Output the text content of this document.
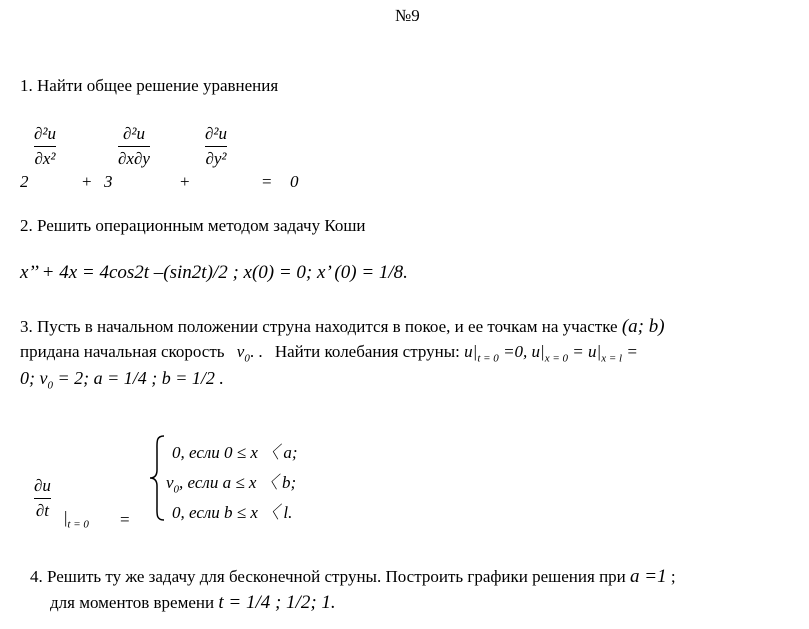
№9
1. Найти общее решение уравнения
2
∂²u
∂x²
+ 3
∂²u
∂x∂y
+
∂²u
∂y²
= 0
2. Решить операционным методом задачу Коши
x’’ + 4x = 4cos2t –(sin2t)/2 ; x(0) = 0; x’ (0) = 1/8.
3. Пусть в начальном положении струна находится в покое, и ее точкам на участке (a; b)
придана начальная скорость $v_0$. . Найти колебания струны: $u|_{t = 0} =0$, $u|_{x = 0} = u|_{x = l}$ =
0; $v_0 = 2$; a = 1/4 ; b = 1/2 .
∂u
∂t $|_{t = 0}$ =
0, если 0 ≤ x 〈 a;
$v_0$, если a ≤ x 〈 b;
0, если b ≤ x 〈 l.
4. Решить ту же задачу для бесконечной струны. Построить графики решения при a =1 ;
для моментов времени t = 1/4 ; 1/2; 1.
